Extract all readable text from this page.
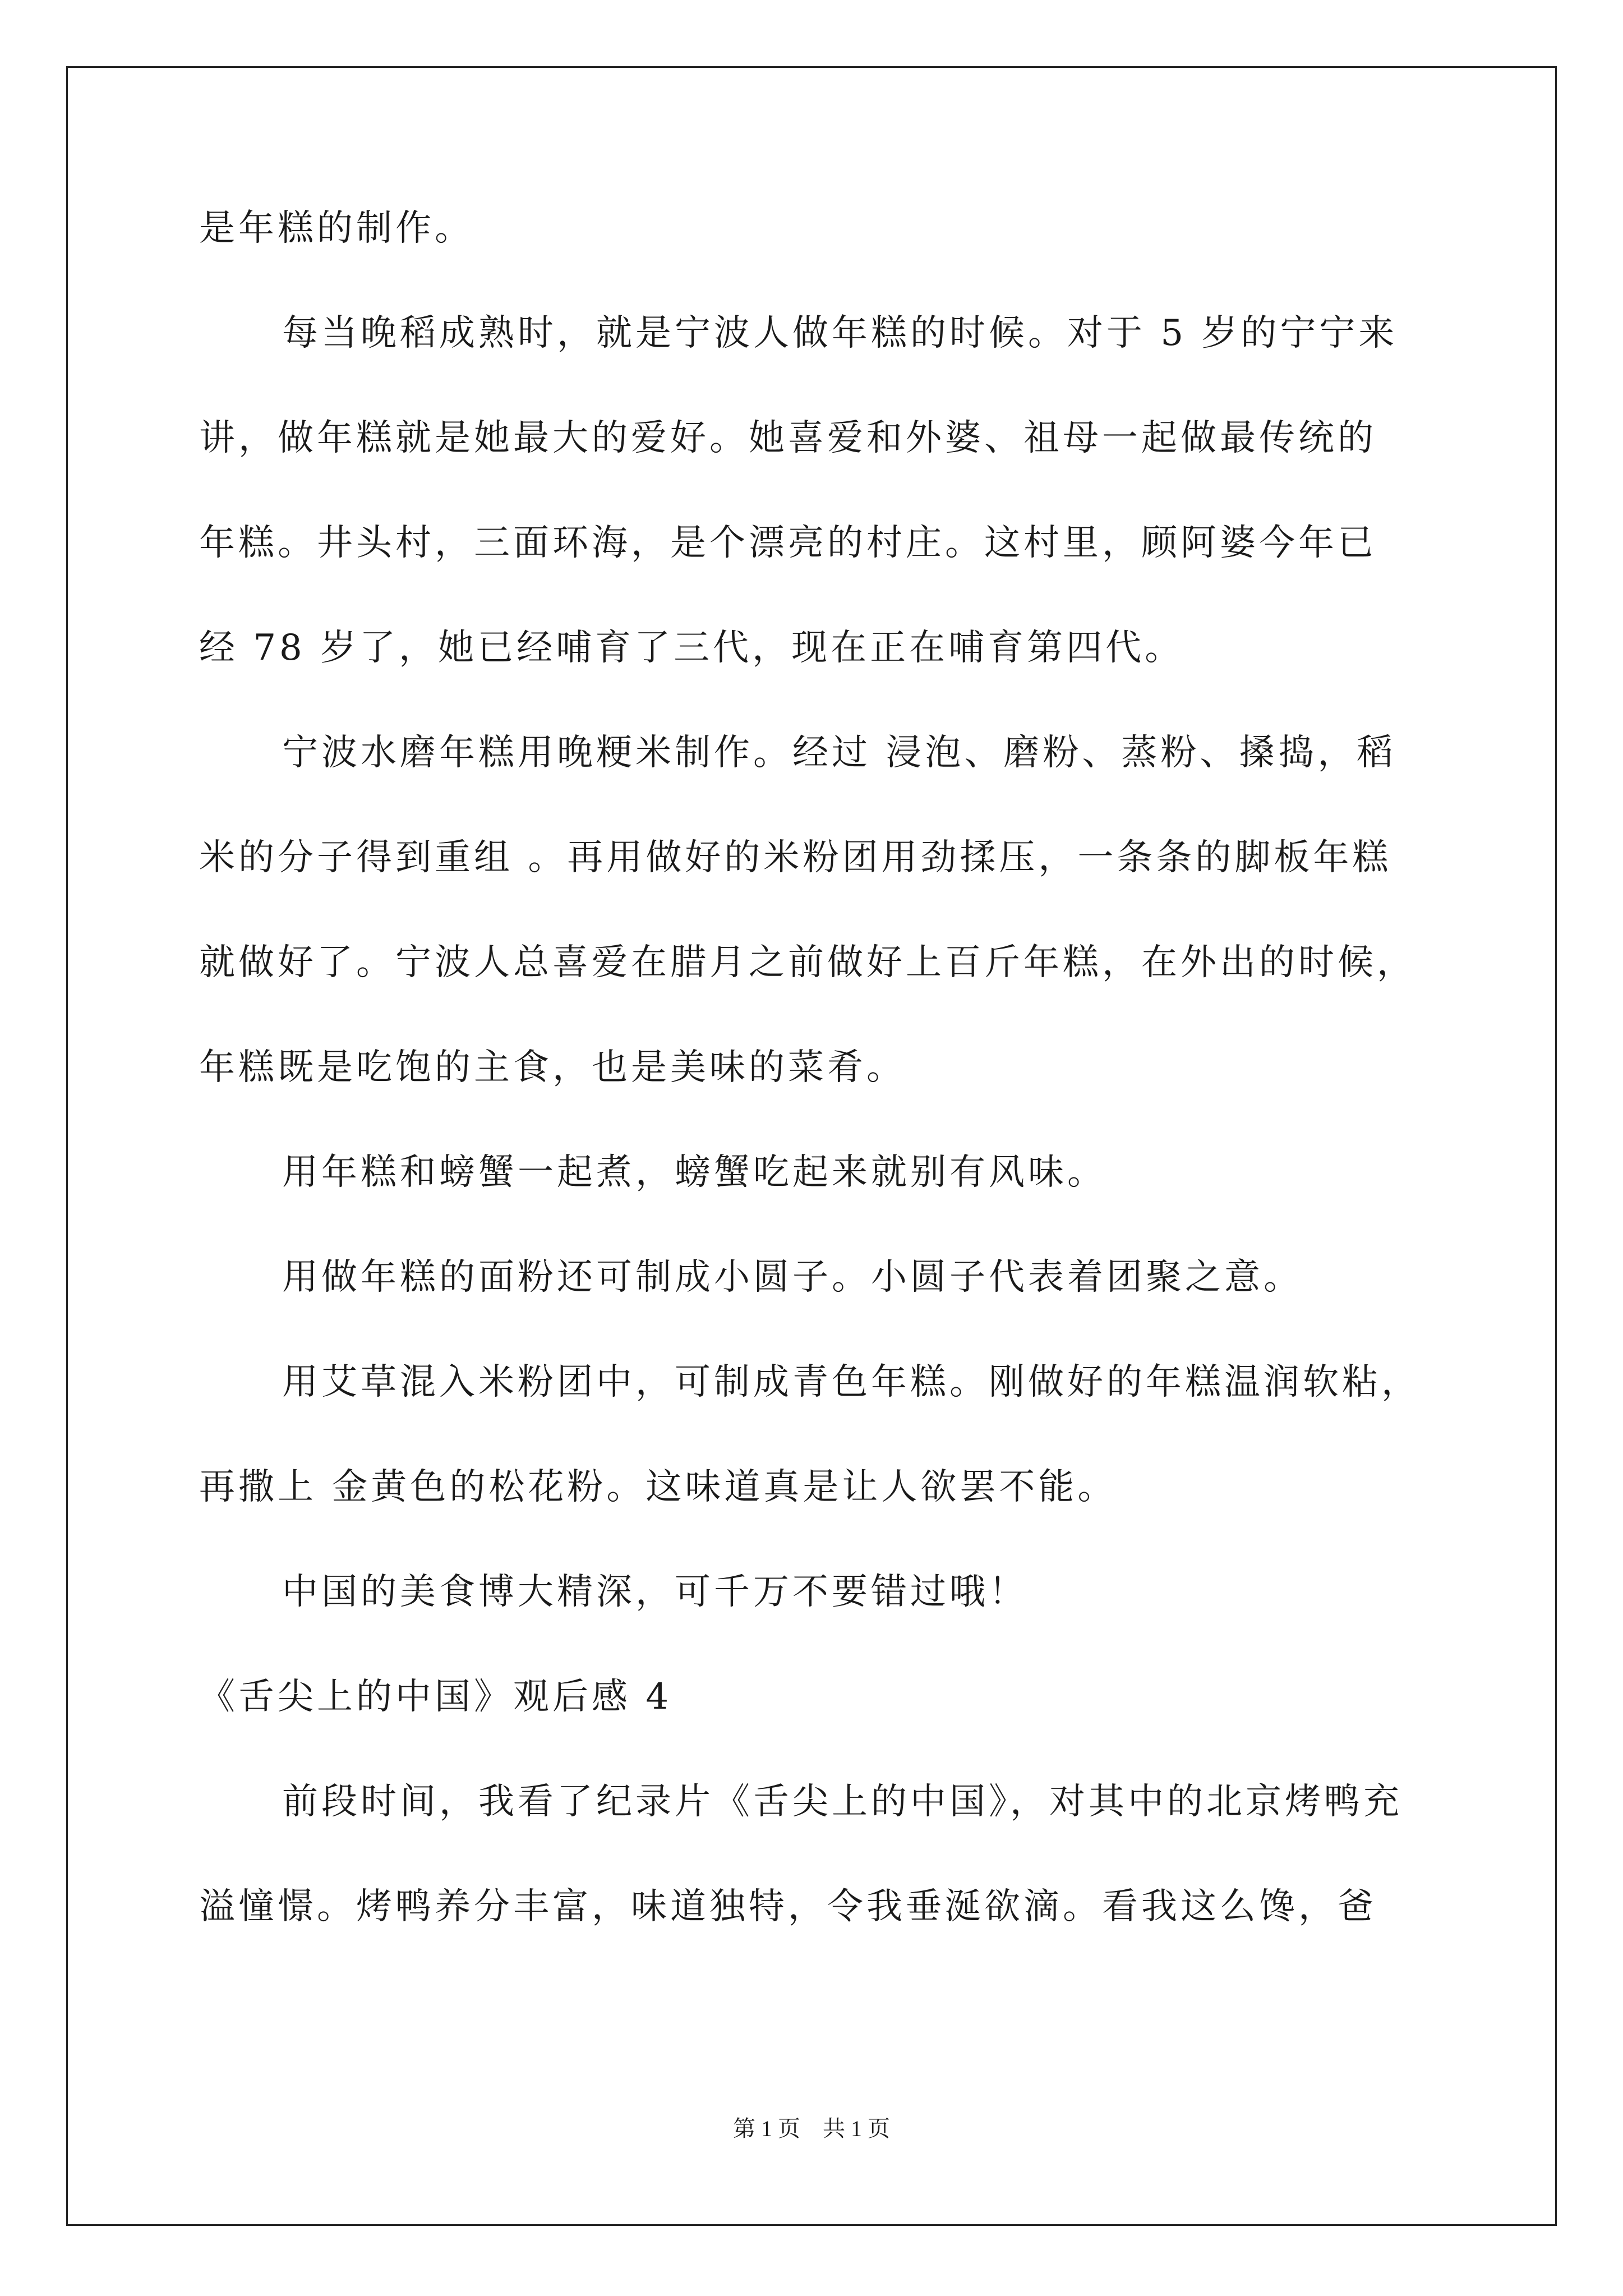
是年糕的制作。
每当晚稻成熟时，就是宁波人做年糕的时候。对于 5 岁的宁宁来
讲，做年糕就是她最大的爱好。她喜爱和外婆、祖母一起做最传统的
年糕。井头村，三面环海，是个漂亮的村庄。这村里，顾阿婆今年已
经 78 岁了，她已经哺育了三代，现在正在哺育第四代。
宁波水磨年糕用晚粳米制作。经过 浸泡、磨粉、蒸粉、搡捣，稻
米的分子得到重组 。再用做好的米粉团用劲揉压，一条条的脚板年糕
就做好了。宁波人总喜爱在腊月之前做好上百斤年糕，在外出的时候，
年糕既是吃饱的主食，也是美味的菜肴。
用年糕和螃蟹一起煮，螃蟹吃起来就别有风味。
用做年糕的面粉还可制成小圆子。小圆子代表着团聚之意。
用艾草混入米粉团中，可制成青色年糕。刚做好的年糕温润软粘，
再撒上 金黄色的松花粉。这味道真是让人欲罢不能。
中国的美食博大精深，可千万不要错过哦！
《舌尖上的中国》观后感 4
前段时间，我看了纪录片《舌尖上的中国》，对其中的北京烤鸭充
溢憧憬。烤鸭养分丰富，味道独特，令我垂涎欲滴。看我这么馋，爸
第 1 页　共 1 页
